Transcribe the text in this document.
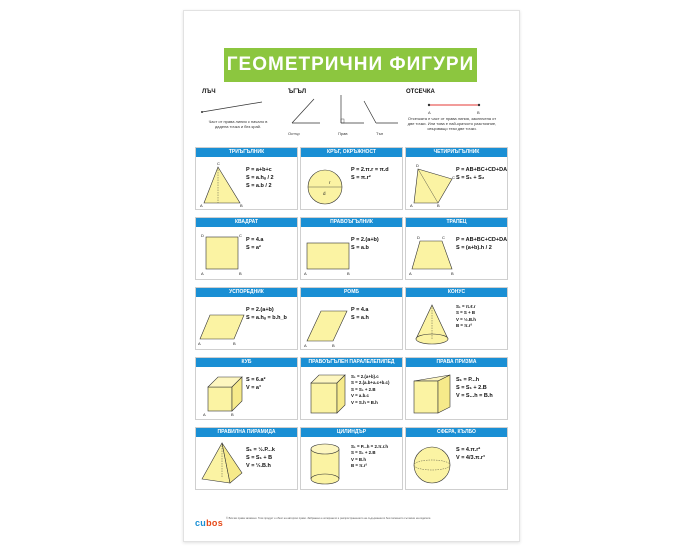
ГЕОМЕТРИЧНИ ФИГУРИ
ЛЪЧ
Част от права линия с начало в дадена точка и без край.
ЪГЪЛ
Остър	Прав	Тъп
ОТСЕЧКА
A	B
Отсечката е част от права линия, заключена от две точки. Или това е най-краткото разстояние, свързващо тези две точки.
ТРИЪГЪЛНИК
A	B
C
P = a+b+c
S = a.hₐ / 2
S = a.b / 2
КРЪГ, ОКРЪЖНОСТ
r
d
P = 2.π.r = π.d
S = π.r²
ЧЕТИРИЪГЪЛНИК
A	B
C
D
P = AB+BC+CD+DA
S = S₁ + S₂
КВАДРАТ
A	B
C
D
P = 4.a
S = a²
ПРАВОЪГЪЛНИК
A	B
P = 2.(a+b)
S = a.b
ТРАПЕЦ
A	B
C
D	P = AB+BC+CD+DA
S = (a+b).h / 2
УСПОРЕДНИК
A	B
P = 2.(a+b)
S = a.hₐ = b.h_b
РОМБ
A	B
P = 4.a
S = a.h
КОНУС
S₁ = π.ℓ.r
S = S + B
V = ⅓.B.h
B = π.r²
КУБ
A	B
S = 6.a²
V = a³
ПРАВОЪГЪЛЕН ПАРАЛЕЛЕПИПЕД
S₁ = 2.(a+b).c
S = 2.(a.b+a.c+b.c)
S = S₁ + 2.B
V = a.b.c
V = S.h = B.h
ПРАВА ПРИЗМА
S₁ = P...h
S = S₁ + 2.B
V = S...h = B.h
ПРАВИЛНА ПИРАМИДА
S₁ = ½.P...k
S = S₁ + B
V = ⅓.B.h
ЦИЛИНДЪР
S₁ = P...h = 2.π.r.h
S = S₁ + 2.B
V = B.h
B = π.r²
СФЕРА, КЪЛБО
S = 4.π.r²
V = 4/3.π.r³
cubos © Всички права запазени. Този продукт е обект на авторско право. Забранено е копирането и разпространението на съдържанието без писменото съгласие на издателя.
